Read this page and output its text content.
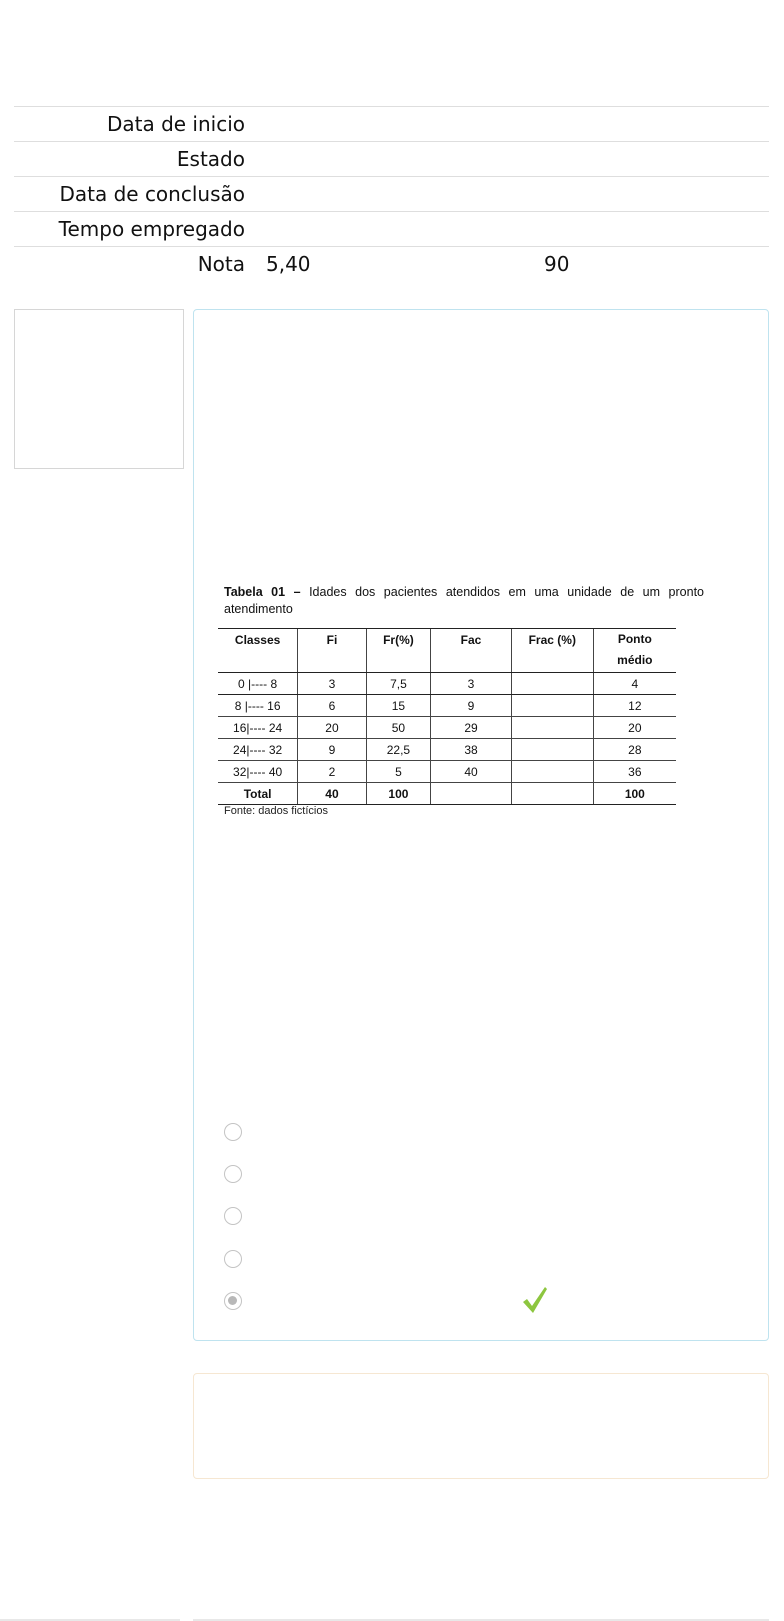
Data de inicio
Estado
Data de conclusão
Tempo empregado
Nota 5,40	90
Tabela 01 – Idades dos pacientes atendidos em uma unidade de um pronto atendimento
Classes	Fi	Fr(%)	Fac	Frac (%)	Ponto médio
0 |---- 8	3	7,5	3		4
8 |---- 16	6	15	9		12
16|---- 24	20	50	29		20
24|---- 32	9	22,5	38		28
32|---- 40	2	5	40		36
Total	40	100			100
Fonte: dados fictícios
